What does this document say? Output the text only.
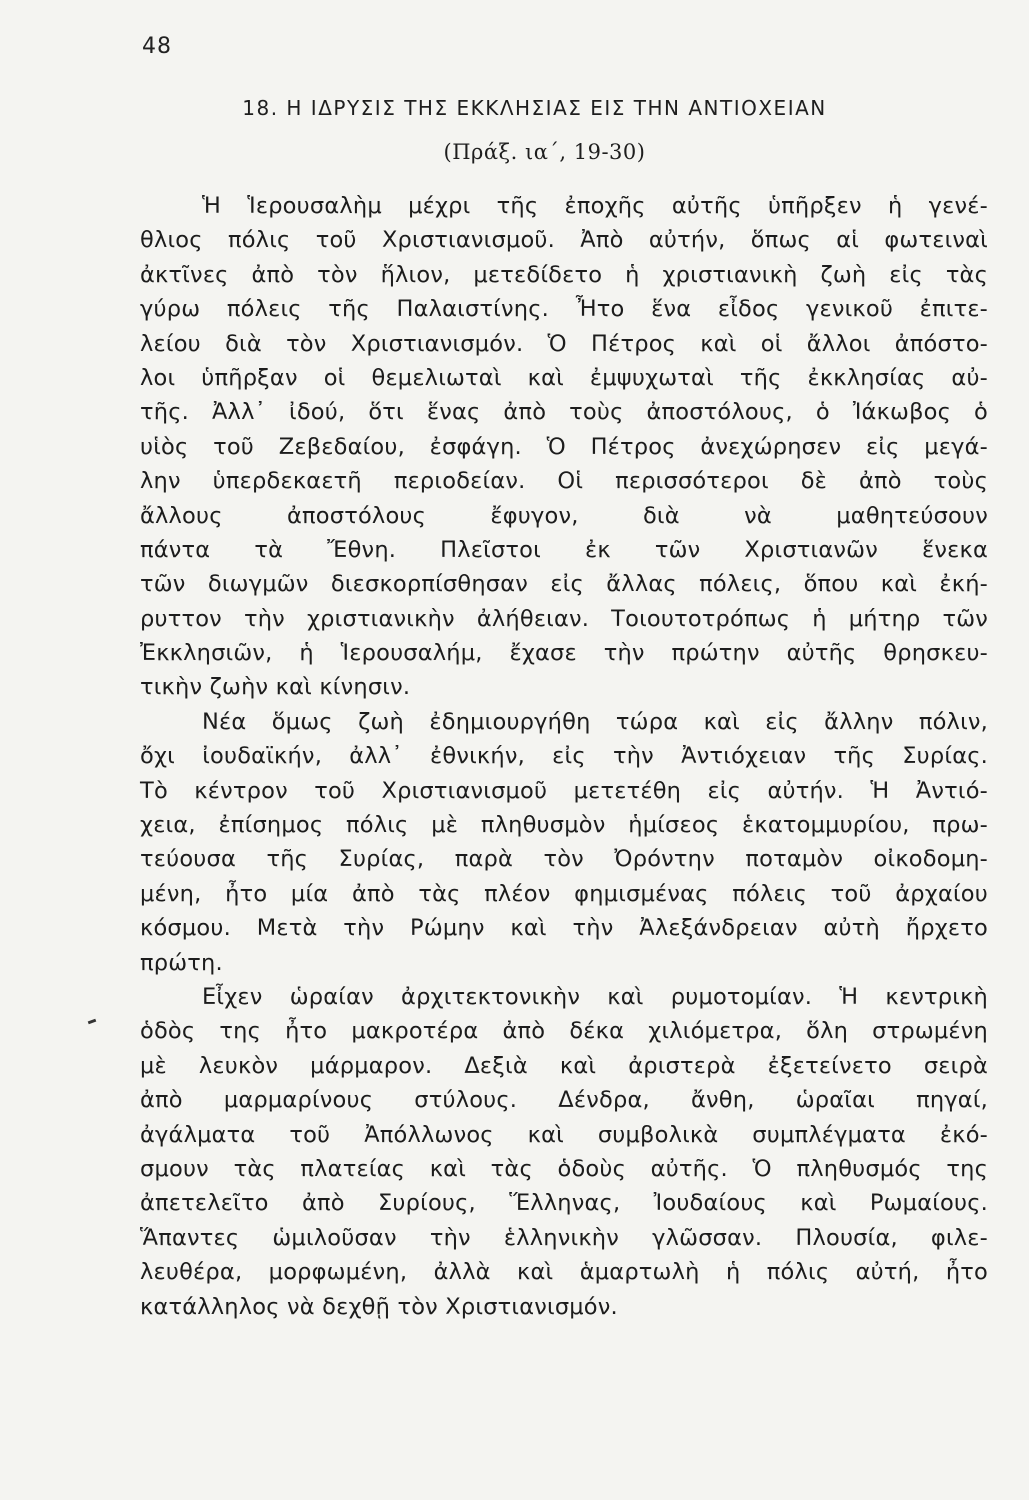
48
18. Η ΙΔΡΥΣΙΣ ΤΗΣ ΕΚΚΛΗΣΙΑΣ ΕΙΣ ΤΗΝ ΑΝΤΙΟΧΕΙΑΝ
(Πράξ. ια΄, 19-30)
Ἡ Ἱερουσαλὴμ μέχρι τῆς ἐποχῆς αὐτῆς ὑπῆρξεν ἡ γενέ-
θλιος πόλις τοῦ Χριστιανισμοῦ. Ἀπὸ αὐτήν, ὅπως αἱ φωτειναὶ
ἀκτῖνες ἀπὸ τὸν ἥλιον, μετεδίδετο ἡ χριστιανικὴ ζωὴ εἰς τὰς
γύρω πόλεις τῆς Παλαιστίνης. Ἦτο ἕνα εἶδος γενικοῦ ἐπιτε-
λείου διὰ τὸν Χριστιανισμόν. Ὁ Πέτρος καὶ οἱ ἄλλοι ἀπόστο-
λοι ὑπῆρξαν οἱ θεμελιωταὶ καὶ ἐμψυχωταὶ τῆς ἐκκλησίας αὐ-
τῆς. Ἀλλ᾿ ἰδού, ὅτι ἕνας ἀπὸ τοὺς ἀποστόλους, ὁ Ἰάκωβος ὁ
υἱὸς τοῦ Ζεβεδαίου, ἐσφάγη. Ὁ Πέτρος ἀνεχώρησεν εἰς μεγά-
λην ὑπερδεκαετῆ περιοδείαν. Οἱ περισσότεροι δὲ ἀπὸ τοὺς
ἄλλους ἀποστόλους ἔφυγον, διὰ νὰ μαθητεύσουν
πάντα τὰ Ἔθνη. Πλεῖστοι ἐκ τῶν Χριστιανῶν ἕνεκα
τῶν διωγμῶν διεσκορπίσθησαν εἰς ἄλλας πόλεις, ὅπου καὶ ἐκή-
ρυττον τὴν χριστιανικὴν ἀλήθειαν. Τοιουτοτρόπως ἡ μήτηρ τῶν
Ἐκκλησιῶν, ἡ Ἱερουσαλήμ, ἔχασε τὴν πρώτην αὐτῆς θρησκευ-
τικὴν ζωὴν καὶ κίνησιν.
Νέα ὅμως ζωὴ ἐδημιουργήθη τώρα καὶ εἰς ἄλλην πόλιν,
ὄχι ἰουδαϊκήν, ἀλλ᾿ ἐθνικήν, εἰς τὴν Ἀντιόχειαν τῆς Συρίας.
Τὸ κέντρον τοῦ Χριστιανισμοῦ μετετέθη εἰς αὐτήν. Ἡ Ἀντιό-
χεια, ἐπίσημος πόλις μὲ πληθυσμὸν ἡμίσεος ἑκατομμυρίου, πρω-
τεύουσα τῆς Συρίας, παρὰ τὸν Ὀρόντην ποταμὸν οἰκοδομη-
μένη, ἦτο μία ἀπὸ τὰς πλέον φημισμένας πόλεις τοῦ ἀρχαίου
κόσμου. Μετὰ τὴν Ρώμην καὶ τὴν Ἀλεξάνδρειαν αὐτὴ ἤρχετο
πρώτη.
Εἶχεν ὡραίαν ἀρχιτεκτονικὴν καὶ ρυμοτομίαν. Ἡ κεντρικὴ
ὁδὸς της ἦτο μακροτέρα ἀπὸ δέκα χιλιόμετρα, ὅλη στρωμένη
μὲ λευκὸν μάρμαρον. Δεξιὰ καὶ ἀριστερὰ ἐξετείνετο σειρὰ
ἀπὸ μαρμαρίνους στύλους. Δένδρα, ἄνθη, ὡραῖαι πηγαί,
ἀγάλματα τοῦ Ἀπόλλωνος καὶ συμβολικὰ συμπλέγματα ἐκό-
σμουν τὰς πλατείας καὶ τὰς ὁδοὺς αὐτῆς. Ὁ πληθυσμός της
ἀπετελεῖτο ἀπὸ Συρίους, Ἕλληνας, Ἰουδαίους καὶ Ρωμαίους.
Ἅπαντες ὡμιλοῦσαν τὴν ἑλληνικὴν γλῶσσαν. Πλουσία, φιλε-
λευθέρα, μορφωμένη, ἀλλὰ καὶ ἁμαρτωλὴ ἡ πόλις αὐτή, ἦτο
κατάλληλος νὰ δεχθῇ τὸν Χριστιανισμόν.
